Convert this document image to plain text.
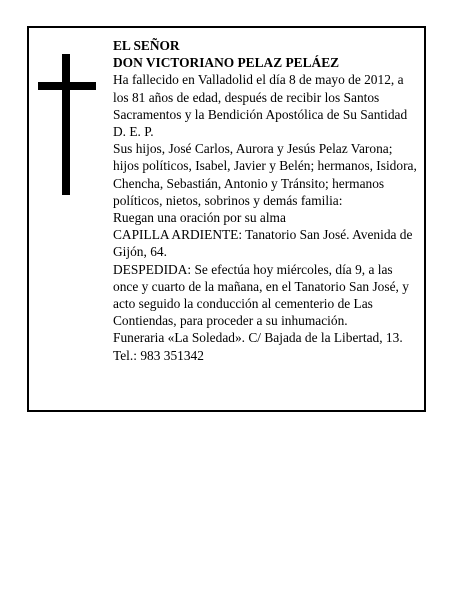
EL SEÑOR

DON VICTORIANO PELAZ PELÁEZ

Ha fallecido en Valladolid el día 8 de mayo de 2012, a los 81 años de edad, después de recibir los Santos Sacramentos y la Bendición Apostólica de Su Santidad D. E. P.

Sus hijos, José Carlos, Aurora y Jesús Pelaz Varona; hijos políticos, Isabel, Javier y Belén; hermanos, Isidora, Chencha, Sebastián, Antonio y Tránsito; hermanos políticos, nietos, sobrinos y demás familia:

Ruegan una oración por su alma

CAPILLA ARDIENTE: Tanatorio San José. Avenida de Gijón, 64.

DESPEDIDA: Se efectúa hoy miércoles, día 9, a las once y cuarto de la mañana, en el Tanatorio San José, y acto seguido la conducción al cementerio de Las Contiendas, para proceder a su inhumación.

Funeraria «La Soledad». C/ Bajada de la Libertad, 13.

Tel.: 983 351342
